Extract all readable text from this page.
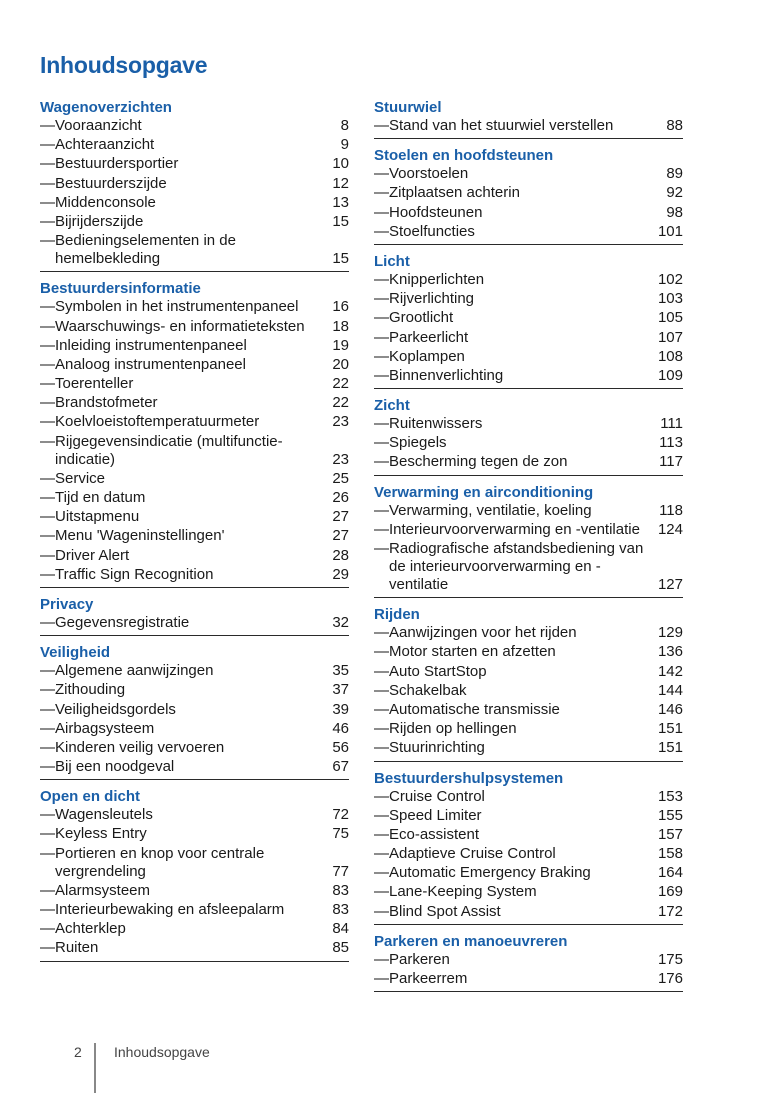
Inhoudsopgave
Wagenoverzichten
— Vooraanzicht	8
— Achteraanzicht	9
— Bestuurdersportier	10
— Bestuurderszijde	12
— Middenconsole	13
— Bijrijderszijde	15
— Bedieningselementen in de hemelbekleding	15
Bestuurdersinformatie
— Symbolen in het instrumentenpaneel	16
— Waarschuwings- en informatieteksten	18
— Inleiding instrumentenpaneel	19
— Analoog instrumentenpaneel	20
— Toerenteller	22
— Brandstofmeter	22
— Koelvloeistoftemperatuurmeter	23
— Rijgegevensindicatie (multifunctie-indicatie)	23
— Service	25
— Tijd en datum	26
— Uitstapmenu	27
— Menu 'Wageninstellingen'	27
— Driver Alert	28
— Traffic Sign Recognition	29
Privacy
— Gegevensregistratie	32
Veiligheid
— Algemene aanwijzingen	35
— Zithouding	37
— Veiligheidsgordels	39
— Airbagsysteem	46
— Kinderen veilig vervoeren	56
— Bij een noodgeval	67
Open en dicht
— Wagensleutels	72
— Keyless Entry	75
— Portieren en knop voor centrale vergrendeling	77
— Alarmsysteem	83
— Interieurbewaking en afsleepalarm	83
— Achterklep	84
— Ruiten	85
Stuurwiel
— Stand van het stuurwiel verstellen	88
Stoelen en hoofdsteunen
— Voorstoelen	89
— Zitplaatsen achterin	92
— Hoofdsteunen	98
— Stoelfuncties	101
Licht
— Knipperlichten	102
— Rijverlichting	103
— Grootlicht	105
— Parkeerlicht	107
— Koplampen	108
— Binnenverlichting	109
Zicht
— Ruitenwissers	111
— Spiegels	113
— Bescherming tegen de zon	117
Verwarming en airconditioning
— Verwarming, ventilatie, koeling	118
— Interieurvoorverwarming en -ventilatie	124
— Radiografische afstandsbediening van de interieurvoorverwarming en -ventilatie	127
Rijden
— Aanwijzingen voor het rijden	129
— Motor starten en afzetten	136
— Auto StartStop	142
— Schakelbak	144
— Automatische transmissie	146
— Rijden op hellingen	151
— Stuurinrichting	151
Bestuurdershulpsystemen
— Cruise Control	153
— Speed Limiter	155
— Eco-assistent	157
— Adaptieve Cruise Control	158
— Automatic Emergency Braking	164
— Lane-Keeping System	169
— Blind Spot Assist	172
Parkeren en manoeuvreren
— Parkeren	175
— Parkeerrem	176
2 Inhoudsopgave
